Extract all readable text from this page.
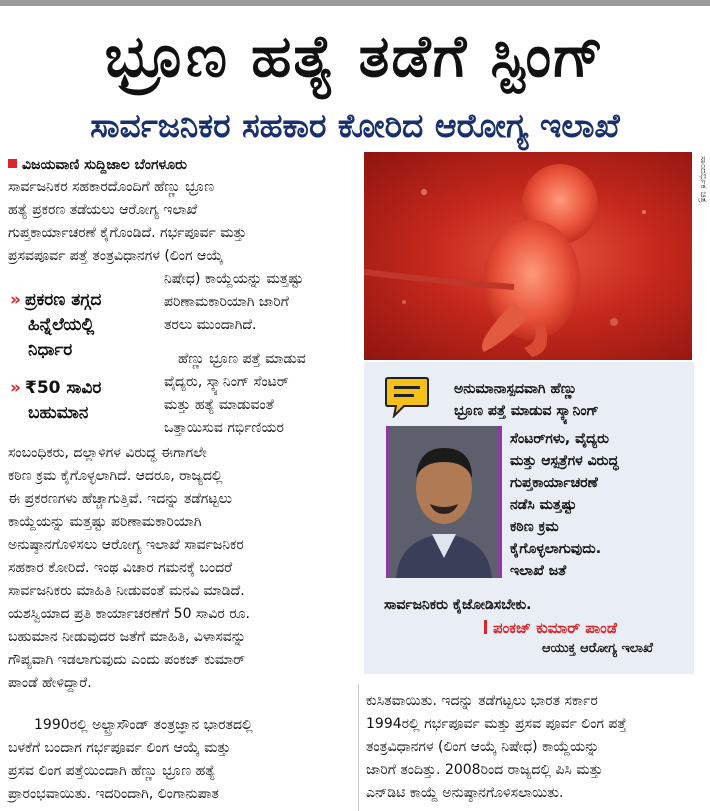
ಭ್ರೂಣ ಹತ್ಯೆ ತಡೆಗೆ ಸ್ಟಿಂಗ್
ಸಾರ್ವಜನಿಕರ ಸಹಕಾರ ಕೋರಿದ ಆರೋಗ್ಯ ಇಲಾಖೆ
ವಿಜಯವಾಣಿ ಸುದ್ದಿಜಾಲ ಬೆಂಗಳೂರು
ಸಾರ್ವಜನಿಕರ ಸಹಕಾರದೊಂದಿಗೆ ಹೆಣ್ಣು ಭ್ರೂಣ
ಹತ್ಯೆ ಪ್ರಕರಣ ತಡೆಯಲು ಆರೋಗ್ಯ ಇಲಾಖೆ
ಗುಪ್ತಕಾರ್ಯಾಚರಣೆ ಕೈಗೊಂಡಿದೆ. ಗರ್ಭಪೂರ್ವ ಮತ್ತು
ಪ್ರಸವಪೂರ್ವ ಪತ್ತೆ ತಂತ್ರವಿಧಾನಗಳ (ಲಿಂಗ ಆಯ್ಕೆ
» ಪ್ರಕರಣ ತಗ್ಗದ
ಹಿನ್ನೆಲೆಯಲ್ಲಿ
ನಿರ್ಧಾರ
» ₹50 ಸಾವಿರ
ಬಹುಮಾನ
ನಿಷೇಧ) ಕಾಯ್ದೆಯನ್ನು ಮತ್ತಷ್ಟು
ಪರಿಣಾಮಕಾರಿಯಾಗಿ ಜಾರಿಗೆ
ತರಲು ಮುಂದಾಗಿದೆ.
ಹೆಣ್ಣು ಭ್ರೂಣ ಪತ್ತೆ ಮಾಡುವ
ವೈದ್ಯರು, ಸ್ಕ್ಯಾನಿಂಗ್ ಸೆಂಟರ್
ಮತ್ತು ಹತ್ಯೆ ಮಾಡುವಂತೆ
ಒತ್ತಾಯಿಸುವ ಗರ್ಭಿಣಿಯರ
ಸಂಬಂಧಿಕರು, ದಲ್ಲಾಳಿಗಳ ವಿರುದ್ಧ ಈಗಾಗಲೇ
ಕಠಿಣ ಕ್ರಮ ಕೈಗೊಳ್ಳಲಾಗಿದೆ. ಆದರೂ, ರಾಜ್ಯದಲ್ಲಿ
ಈ ಪ್ರಕರಣಗಳು ಹೆಚ್ಚಾಗುತ್ತಿವೆ. ಇದನ್ನು ತಡೆಗಟ್ಟಲು
ಕಾಯ್ದೆಯನ್ನು ಮತ್ತಷ್ಟು ಪರಿಣಾಮಕಾರಿಯಾಗಿ
ಅನುಷ್ಠಾನಗೊಳಿಸಲು ಆರೋಗ್ಯ ಇಲಾಖೆ ಸಾರ್ವಜನಿಕರ
ಸಹಕಾರ ಕೋರಿದೆ. ಇಂಥ ವಿಚಾರ ಗಮನಕ್ಕೆ ಬಂದರೆ
ಸಾರ್ವಜನಿಕರು ಮಾಹಿತಿ ನೀಡುವಂತೆ ಮನವಿ ಮಾಡಿದೆ.
ಯಶಸ್ವಿಯಾದ ಪ್ರತಿ ಕಾರ್ಯಾಚರಣೆಗೆ 50 ಸಾವಿರ ರೂ.
ಬಹುಮಾನ ನೀಡುವುದರ ಜತೆಗೆ ಮಾಹಿತಿ, ವಿಳಾಸವನ್ನು
ಗೌಪ್ಯವಾಗಿ ಇಡಲಾಗುವುದು ಎಂದು ಪಂಕಜ್ ಕುಮಾರ್
ಪಾಂಡೆ ಹೇಳಿದ್ದಾರೆ.
1990ರಲ್ಲಿ ಅಲ್ಟ್ರಾಸೌಂಡ್ ತಂತ್ರಜ್ಞಾನ ಭಾರತದಲ್ಲಿ
ಬಳಕೆಗೆ ಬಂದಾಗ ಗರ್ಭಪೂರ್ವ ಲಿಂಗ ಆಯ್ಕೆ ಮತ್ತು
ಪ್ರಸವ ಲಿಂಗ ಪತ್ತೆಯಿಂದಾಗಿ ಹೆಣ್ಣು ಭ್ರೂಣ ಹತ್ಯೆ
ಪ್ರಾರಂಭವಾಯಿತು. ಇದರಿಂದಾಗಿ, ಲಿಂಗಾನುಪಾತ
ಸಾಂದರ್ಭಿಕ ಚಿತ್ರ
ಅನುಮಾನಾಸ್ಪದವಾಗಿ ಹೆಣ್ಣು
ಭ್ರೂಣ ಪತ್ತೆ ಮಾಡುವ ಸ್ಕ್ಯಾನಿಂಗ್
ಸೆಂಟರ್‌ಗಳು, ವೈದ್ಯರು
ಮತ್ತು ಆಸ್ಪತ್ರೆಗಳ ವಿರುದ್ಧ
ಗುಪ್ತಕಾರ್ಯಾಚರಣೆ
ನಡೆಸಿ ಮತ್ತಷ್ಟು
ಕಠಿಣ ಕ್ರಮ
ಕೈಗೊಳ್ಳಲಾಗುವುದು.
ಇಲಾಖೆ ಜತೆ
ಸಾರ್ವಜನಿಕರು ಕೈಜೋಡಿಸಬೇಕು.
ಪಂಕಜ್ ಕುಮಾರ್ ಪಾಂಡೆ
ಆಯುಕ್ತ ಆರೋಗ್ಯ ಇಲಾಖೆ
ಕುಸಿತವಾಯಿತು. ಇದನ್ನು ತಡೆಗಟ್ಟಲು ಭಾರತ ಸರ್ಕಾರ
1994ರಲ್ಲಿ ಗರ್ಭಪೂರ್ವ ಮತ್ತು ಪ್ರಸವ ಪೂರ್ವ ಲಿಂಗ ಪತ್ತೆ
ತಂತ್ರವಿಧಾನಗಳ (ಲಿಂಗ ಆಯ್ಕೆ ನಿಷೇಧ) ಕಾಯ್ದೆಯನ್ನು
ಜಾರಿಗೆ ತಂದಿತ್ತು. 2008ರಿಂದ ರಾಜ್ಯದಲ್ಲಿ ಪಿಸಿ ಮತ್ತು
ಎನ್‌ಡಿಟಿ ಕಾಯ್ದೆ ಅನುಷ್ಠಾನಗೊಳಿಸಲಾಯಿತು.
